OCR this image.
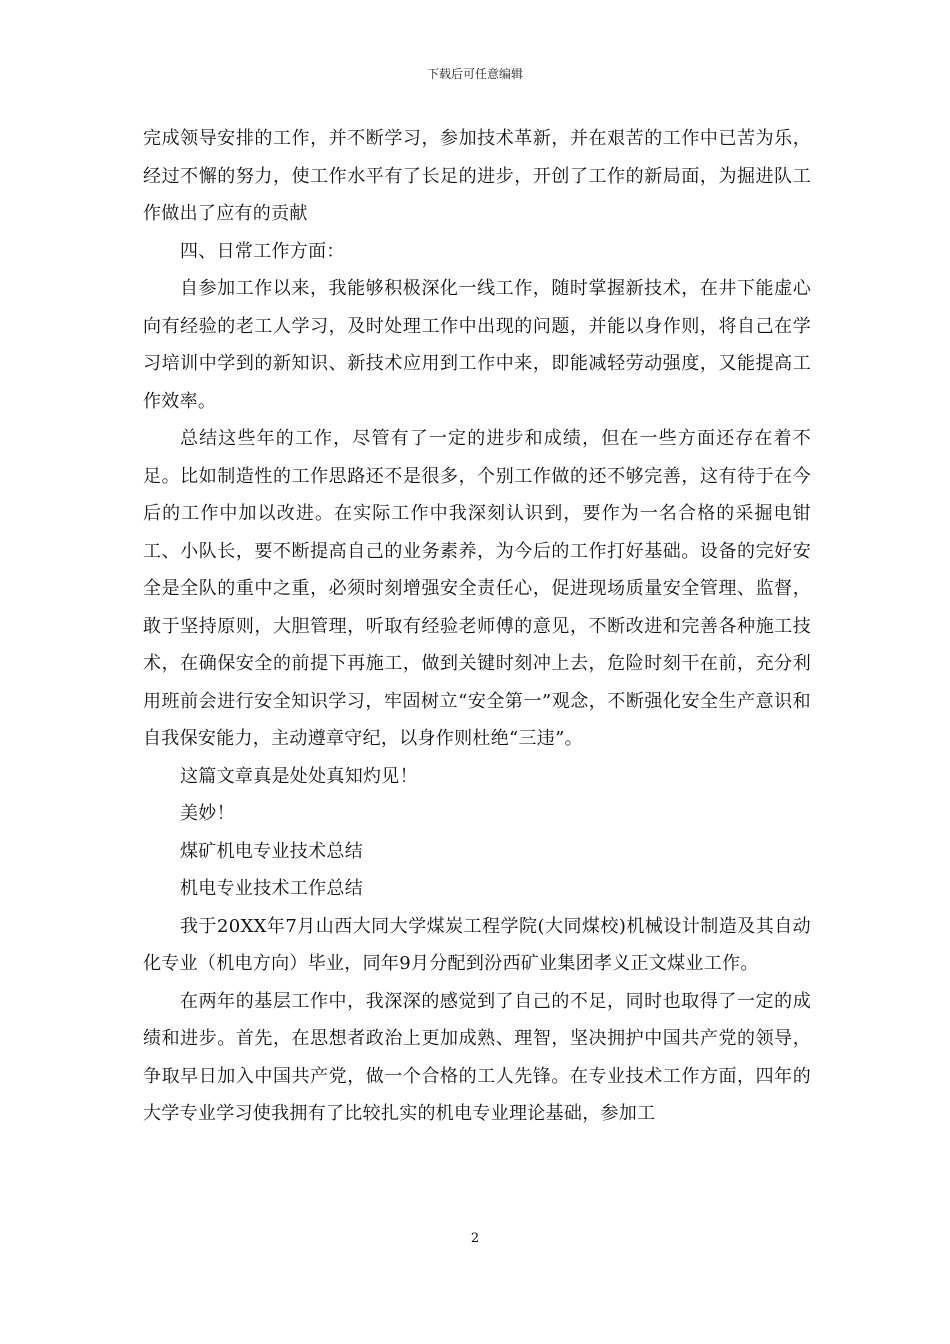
下载后可任意编辑

完成领导安排的工作，并不断学习，参加技术革新，并在艰苦的工作中已苦为乐，经过不懈的努力，使工作水平有了长足的进步，开创了工作的新局面，为掘进队工作做出了应有的贡献

四、日常工作方面：

自参加工作以来，我能够积极深化一线工作，随时掌握新技术，在井下能虚心向有经验的老工人学习，及时处理工作中出现的问题，并能以身作则，将自己在学习培训中学到的新知识、新技术应用到工作中来，即能减轻劳动强度，又能提高工作效率。

总结这些年的工作，尽管有了一定的进步和成绩，但在一些方面还存在着不足。比如制造性的工作思路还不是很多，个别工作做的还不够完善，这有待于在今后的工作中加以改进。在实际工作中我深刻认识到，要作为一名合格的采掘电钳工、小队长，要不断提高自己的业务素养，为今后的工作打好基础。设备的完好安全是全队的重中之重，必须时刻增强安全责任心，促进现场质量安全管理、监督，敢于坚持原则，大胆管理，听取有经验老师傅的意见，不断改进和完善各种施工技术，在确保安全的前提下再施工，做到关键时刻冲上去，危险时刻干在前，充分利用班前会进行安全知识学习，牢固树立“安全第一”观念，不断强化安全生产意识和自我保安能力，主动遵章守纪，以身作则杜绝“三违”。

这篇文章真是处处真知灼见！

美妙！

煤矿机电专业技术总结

机电专业技术工作总结

我于20XX年7月山西大同大学煤炭工程学院(大同煤校)机械设计制造及其自动化专业（机电方向）毕业，同年9月分配到汾西矿业集团孝义正文煤业工作。

在两年的基层工作中，我深深的感觉到了自己的不足，同时也取得了一定的成绩和进步。首先，在思想者政治上更加成熟、理智，坚决拥护中国共产党的领导，争取早日加入中国共产党，做一个合格的工人先锋。在专业技术工作方面，四年的大学专业学习使我拥有了比较扎实的机电专业理论基础，参加工

2
